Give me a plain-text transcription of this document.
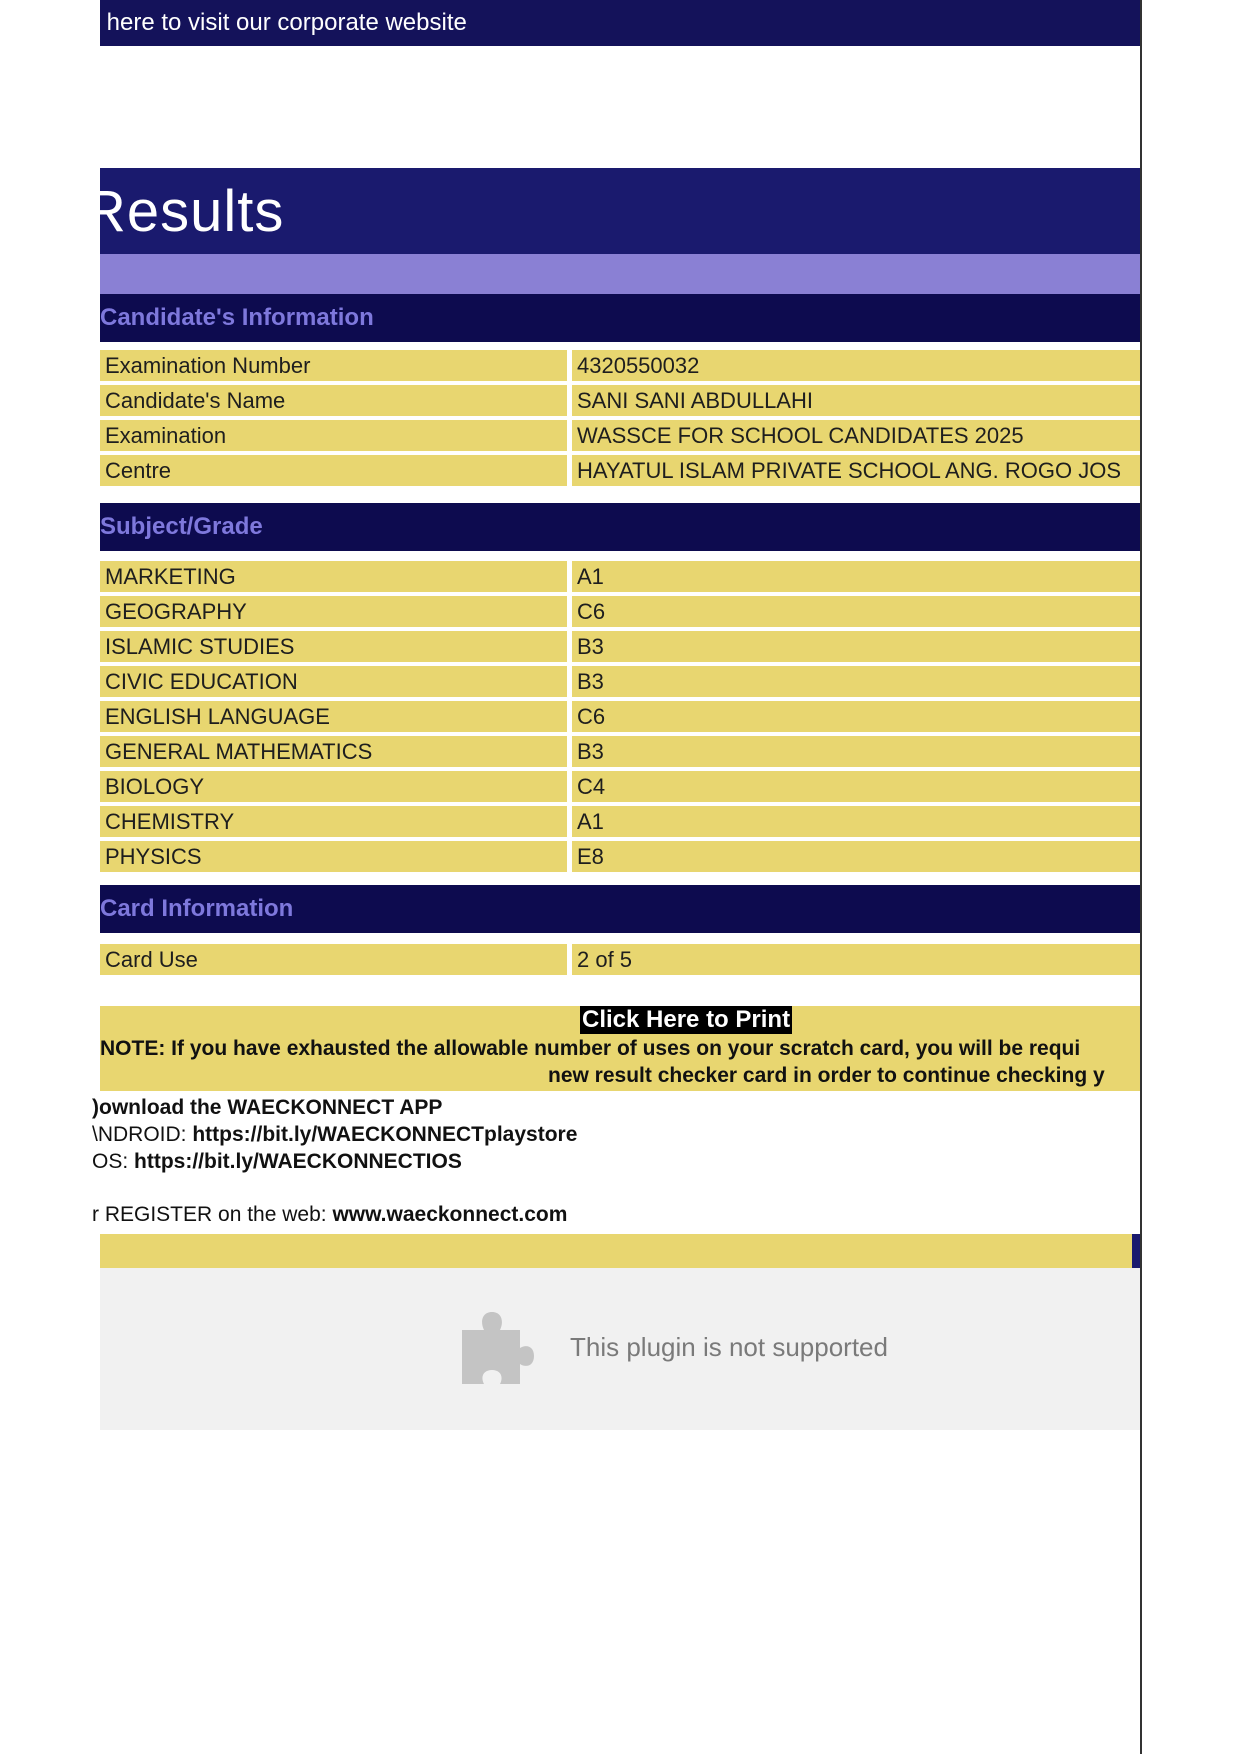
k here to visit our corporate website
Results
Candidate's Information
Examination Number	4320550032
Candidate's Name	SANI SANI ABDULLAHI
Examination	WASSCE FOR SCHOOL CANDIDATES 2025
Centre	HAYATUL ISLAM PRIVATE SCHOOL ANG. ROGO JOS
Subject/Grade
MARKETING	A1
GEOGRAPHY	C6
ISLAMIC STUDIES	B3
CIVIC EDUCATION	B3
ENGLISH LANGUAGE	C6
GENERAL MATHEMATICS	B3
BIOLOGY	C4
CHEMISTRY	A1
PHYSICS	E8
Card Information
Card Use	2 of 5
Click Here to Print
NOTE: If you have exhausted the allowable number of uses on your scratch card, you will be requi
new result checker card in order to continue checking y
)ownload the WAECKONNECT APP
\NDROID: https://bit.ly/WAECKONNECTplaystore
OS: https://bit.ly/WAECKONNECTIOS
r REGISTER on the web: www.waeckonnect.com
This plugin is not supported
